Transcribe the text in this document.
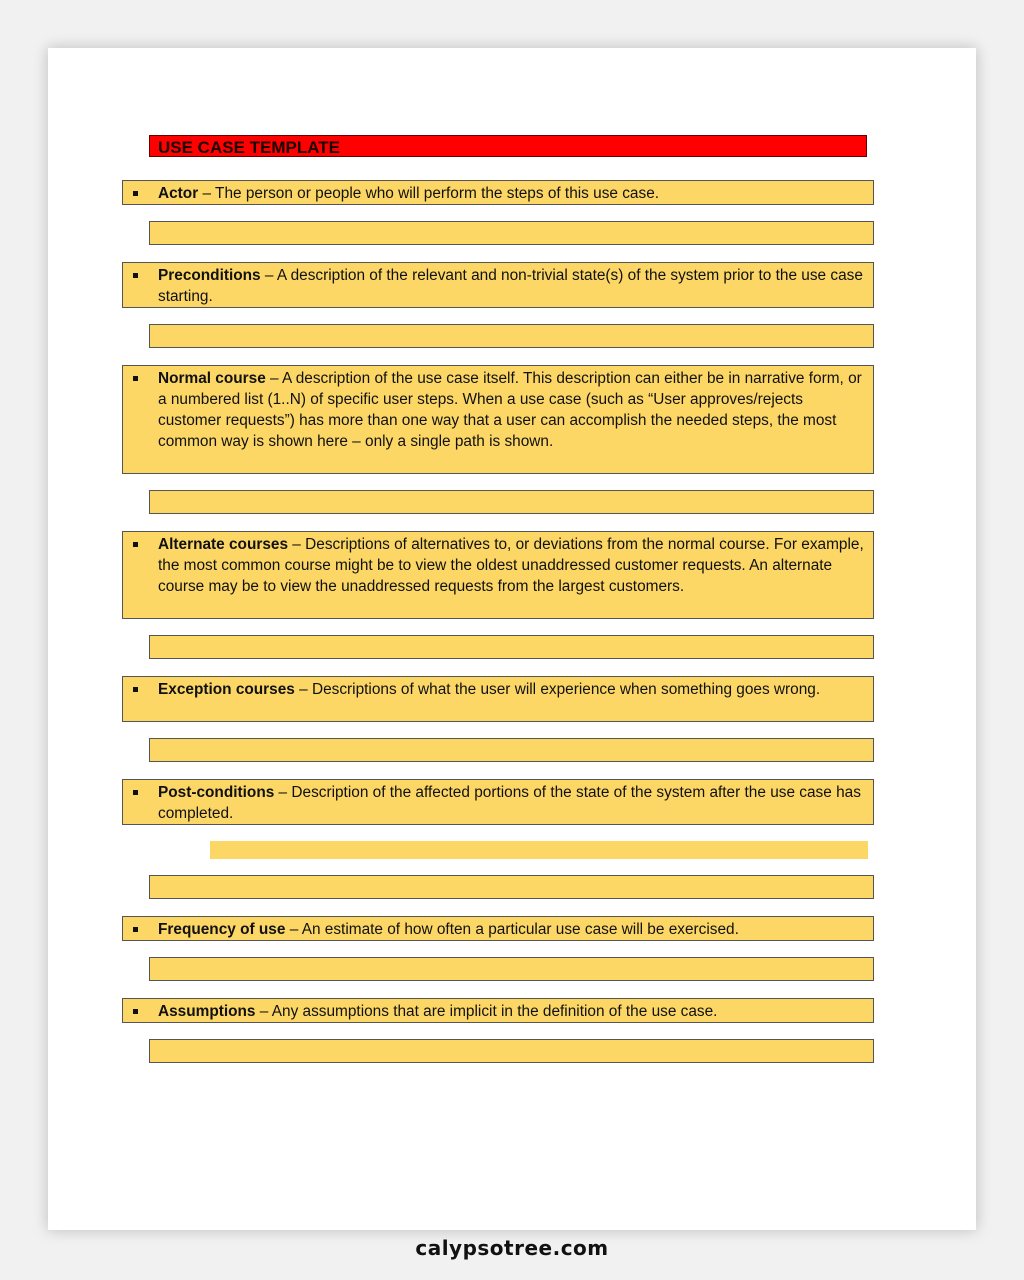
USE CASE TEMPLATE
Actor – The person or people who will perform the steps of this use case.
Preconditions – A description of the relevant and non-trivial state(s) of the system prior to the use case starting.
Normal course – A description of the use case itself. This description can either be in narrative form, or a numbered list (1..N) of specific user steps. When a use case (such as “User approves/rejects customer requests”) has more than one way that a user can accomplish the needed steps, the most common way is shown here – only a single path is shown.
Alternate courses – Descriptions of alternatives to, or deviations from the normal course. For example, the most common course might be to view the oldest unaddressed customer requests. An alternate course may be to view the unaddressed requests from the largest customers.
Exception courses – Descriptions of what the user will experience when something goes wrong.
Post-conditions – Description of the affected portions of the state of the system after the use case has completed.
Frequency of use – An estimate of how often a particular use case will be exercised.
Assumptions – Any assumptions that are implicit in the definition of the use case.
calypsotree.com
